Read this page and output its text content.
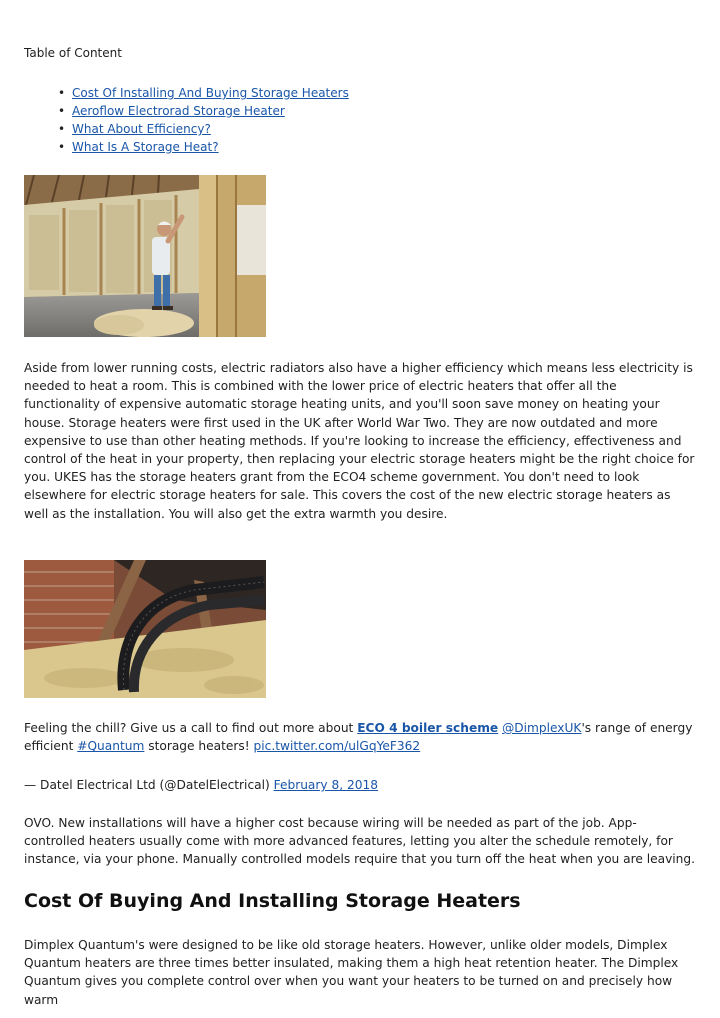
Table of Content
• Cost Of Installing And Buying Storage Heaters
• Aeroflow Electrorad Storage Heater
• What About Efficiency?
• What Is A Storage Heat?
Aside from lower running costs, electric radiators also have a higher efficiency which means less electricity is needed to heat a room. This is combined with the lower price of electric heaters that offer all the functionality of expensive automatic storage heating units, and you'll soon save money on heating your house. Storage heaters were first used in the UK after World War Two. They are now outdated and more expensive to use than other heating methods. If you're looking to increase the efficiency, effectiveness and control of the heat in your property, then replacing your electric storage heaters might be the right choice for you. UKES has the storage heaters grant from the ECO4 scheme government. You don't need to look elsewhere for electric storage heaters for sale. This covers the cost of the new electric storage heaters as well as the installation. You will also get the extra warmth you desire.
Feeling the chill? Give us a call to find out more about ECO 4 boiler scheme @DimplexUK's range of energy efficient #Quantum storage heaters! pic.twitter.com/ulGqYeF362
— Datel Electrical Ltd (@DatelElectrical) February 8, 2018
OVO. New installations will have a higher cost because wiring will be needed as part of the job. App-controlled heaters usually come with more advanced features, letting you alter the schedule remotely, for instance, via your phone. Manually controlled models require that you turn off the heat when you are leaving.
Cost Of Buying And Installing Storage Heaters
Dimplex Quantum's were designed to be like old storage heaters. However, unlike older models, Dimplex Quantum heaters are three times better insulated, making them a high heat retention heater. The Dimplex Quantum gives you complete control over when you want your heaters to be turned on and precisely how warm
